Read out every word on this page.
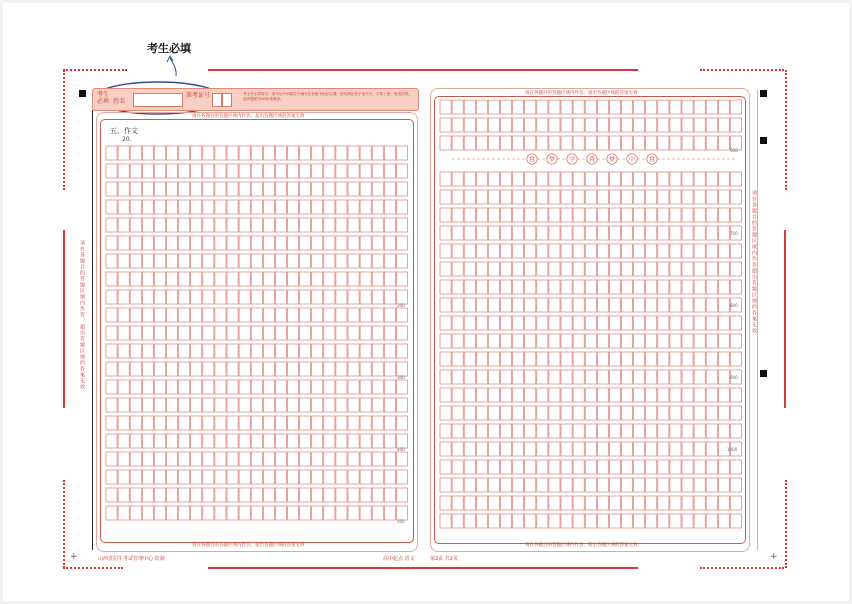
考生必填
+	+
考生必填 姓名
准考证号	考生务必将姓名、准考证号和座位号填写在答题卡相应位置，使用黑色签字笔书写，字体工整，笔迹清楚，选择题使用2B铅笔填涂。
请在各题目的答题区域内作答，超出答题区域的答案无效
五、作文
20.
200
300
400
500
请在各题目的答题区域内作答，超出答题区域的答案无效
请在各题目的答题区域内作答，超出答题区域的答案无效
请在各题目的答题区域内作答，超出答题区域的答案无效
我 梦 学 我 梦 中 我
600
700
800
900
1000
请在各题目的答题区域内作答，超出答题区域的答案无效
请在各题目的答题区域内作答超出答题区域的答案无效
山西省招生考试管理中心 监制	高中起点 语文	第2页 共2页
